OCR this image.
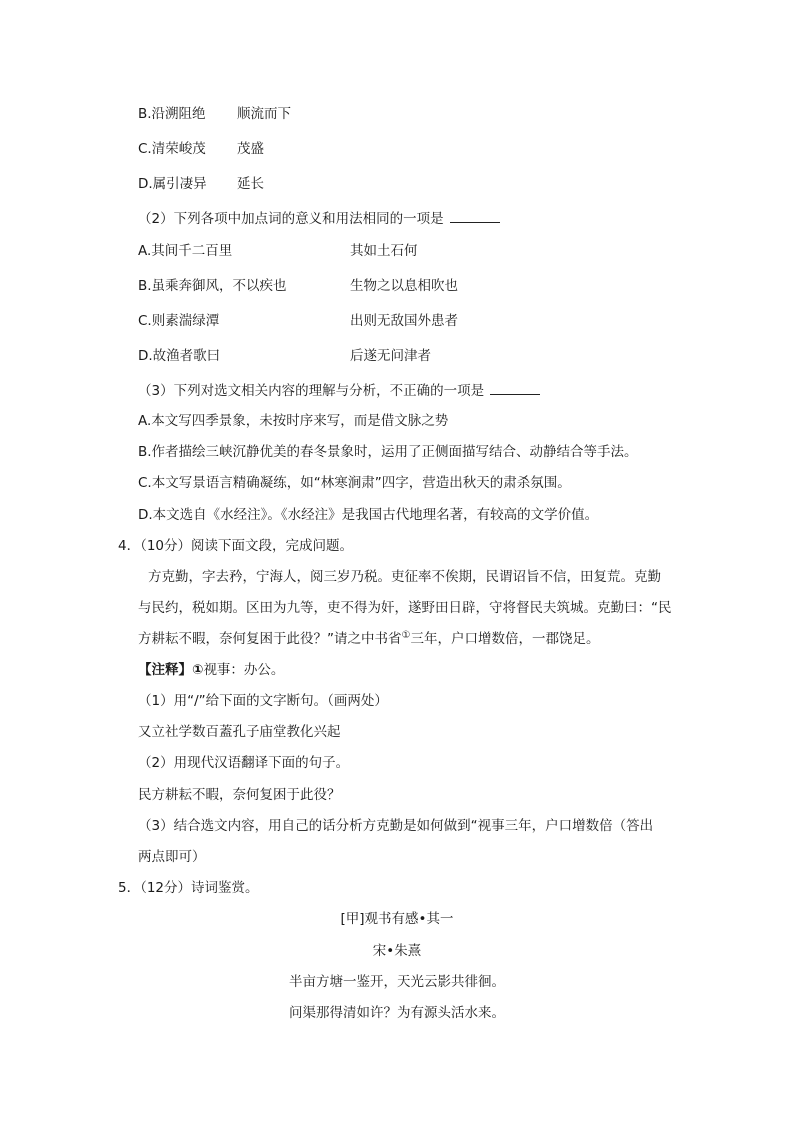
B.沿溯阻绝 顺流而下
C.清荣峻茂 茂盛
D.属引凄异 延长
（2）下列各项中加点词的意义和用法相同的一项是
A.其间千二百里	其如土石何
B.虽乘奔御风，不以疾也	生物之以息相吹也
C.则素湍绿潭	出则无敌国外患者
D.故渔者歌曰	后遂无问津者
（3）下列对选文相关内容的理解与分析，不正确的一项是
A.本文写四季景象，未按时序来写，而是借文脉之势
B.作者描绘三峡沉静优美的春冬景象时，运用了正侧面描写结合、动静结合等手法。
C.本文写景语言精确凝练，如“林寒涧肃”四字，营造出秋天的肃杀氛围。
D.本文选自《水经注》。《水经注》是我国古代地理名著，有较高的文学价值。
4．（10分）阅读下面文段，完成问题。
方克勤，字去矜，宁海人，阅三岁乃税。吏征率不俟期，民谓诏旨不信，田复荒。克勤
与民约，税如期。区田为九等，吏不得为奸，遂野田日辟，守将督民夫筑城。克勤曰：“民
方耕耘不暇，奈何复困于此役？”请之中书省①三年，户口增数倍，一郡饶足。
【注释】①视事：办公。
（1）用“/”给下面的文字断句。（画两处）
又立社学数百蓋孔子庙堂教化兴起
（2）用现代汉语翻译下面的句子。
民方耕耘不暇，奈何复困于此役？
（3）结合选文内容，用自己的话分析方克勤是如何做到“视事三年，户口增数倍（答出
两点即可）
5．（12分）诗词鉴赏。
[甲]观书有感•其一
宋•朱熹
半亩方塘一鉴开，天光云影共徘徊。
问渠那得清如许？为有源头活水来。
